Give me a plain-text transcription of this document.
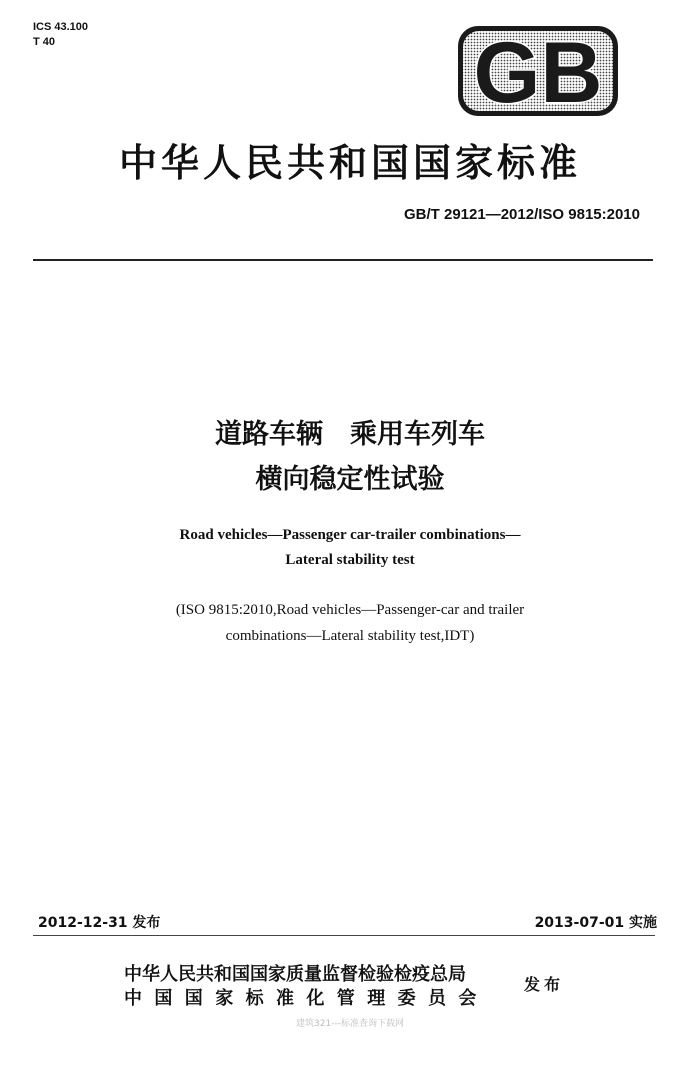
ICS 43.100
T 40	GB
中华人民共和国国家标准
GB/T 29121—2012/ISO 9815:2010
道路车辆　乘用车列车
横向稳定性试验
Road vehicles—Passenger car-trailer combinations—
Lateral stability test
(ISO 9815:2010,Road vehicles—Passenger-car and trailer
combinations—Lateral stability test,IDT)
2012-12-31 发布	2013-07-01 实施
中华人民共和国国家质量监督检验检疫总局
中国国家标准化管理委员会
发布
建筑321---标准查询下载网
